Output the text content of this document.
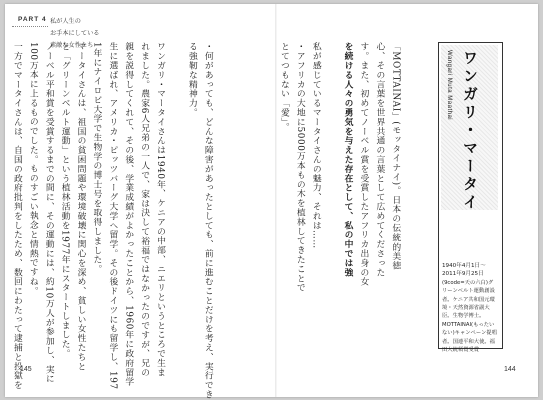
PART 4 私が人生の
お手本にしている
素敵な女性たち	・何があっても、どんな障害があったとしても、前に進むことだけを考え、実行でき
る強靭な精神力。

ワンガリ・マータイさんは1940年、ケニアの中部、ニエリというところで生ま
れました。農家6人兄弟の一人で、家は決して裕福ではなかったのですが、兄の
親を説得してくれて、その後、学業成績がよかったことから、1960年に政府留学
生に選ばれ、アメリカ・ピッツバーグ大学へ留学。その後ドイツにも留学し、197
1年にナイロビ大学で生物学の博士号を取得しました。
マータイさんは、祖国の貧困問題や環境破壊に関心を深め、貧しい女性たちと
と「グリーンベルト運動」という植林活動を1977年にスタートしました。
ノーベル平和賞を受賞するまでの間に、その運動には、約10万人が参加し、実に
100万本に上るものでした。ものすごい執念と情熱ですね。
一方でマータイさんは、自国の政府批判をしたため、数回にわたって逮捕と投獄を	「MOTTAINAI」(モッタイナイ)。日本の伝統的美徳
心、その言葉を世界共通の言葉として広めてくださった
す。また、初めてノーベル賞を受賞したアフリカ出身の女
を続ける人々の勇気を与えた存在として、私の中では強

私が感じているマータイさんの魅力、それは……
・アフリカの大地に5000万本もの木を植林してきたことで
とてつもない「愛」。	ワンガリ・マータイ
Wangari Muta Maathai
1940年4月1日～2011年9月25日
(9code=天の六白)グリーンベルト運動創設者。ケニア共和国元環境・天然資源省副大臣。生物学博士。MOTTAINAI(もったいない)キャンペーン提唱者。国連平和大使。福田大統領賞受賞
145	144
